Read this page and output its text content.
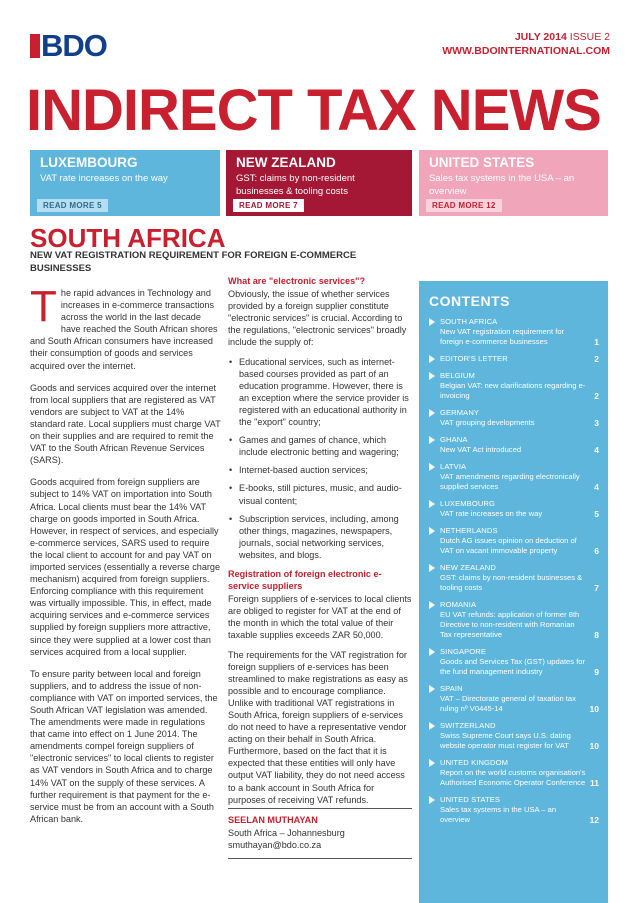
BDO	JULY 2014 ISSUE 2
WWW.BDOINTERNATIONAL.COM
INDIRECT TAX NEWS
LUXEMBOURG
VAT rate increases on the way
READ MORE 5
NEW ZEALAND
GST: claims by non-resident businesses & tooling costs
READ MORE 7
UNITED STATES
Sales tax systems in the USA – an overview
READ MORE 12
SOUTH AFRICA
NEW VAT REGISTRATION REQUIREMENT FOR FOREIGN E-COMMERCE BUSINESSES

The rapid advances in Technology and increases in e-commerce transactions across the world in the last decade have reached the South African shores and South African consumers have increased their consumption of goods and services acquired over the internet.

Goods and services acquired over the internet from local suppliers that are registered as VAT vendors are subject to VAT at the 14% standard rate. Local suppliers must charge VAT on their supplies and are required to remit the VAT to the South African Revenue Services (SARS).

Goods acquired from foreign suppliers are subject to 14% VAT on importation into South Africa. Local clients must bear the 14% VAT charge on goods imported in South Africa. However, in respect of services, and especially e-commerce services, SARS used to require the local client to account for and pay VAT on imported services (essentially a reverse charge mechanism) acquired from foreign suppliers. Enforcing compliance with this requirement was virtually impossible. This, in effect, made acquiring services and e-commerce services supplied by foreign suppliers more attractive, since they were supplied at a lower cost than services acquired from a local supplier.

To ensure parity between local and foreign suppliers, and to address the issue of non-compliance with VAT on imported services, the South African VAT legislation was amended. The amendments were made in regulations that came into effect on 1 June 2014. The amendments compel foreign suppliers of "electronic services" to local clients to register as VAT vendors in South Africa and to charge 14% VAT on the supply of these services. A further requirement is that payment for the e-service must be from an account with a South African bank.

What are "electronic services"?

Obviously, the issue of whether services provided by a foreign supplier constitute "electronic services" is crucial. According to the regulations, "electronic services" broadly include the supply of:

• Educational services, such as internet-based courses provided as part of an education programme. However, there is an exception where the service provider is registered with an educational authority in the "export" country;
• Games and games of chance, which include electronic betting and wagering;
• Internet-based auction services;
• E-books, still pictures, music, and audio-visual content;
• Subscription services, including, among other things, magazines, newspapers, journals, social networking services, websites, and blogs.
Registration of foreign electronic e-service suppliers

Foreign suppliers of e-services to local clients are obliged to register for VAT at the end of the month in which the total value of their taxable supplies exceeds ZAR 50,000.

The requirements for the VAT registration for foreign suppliers of e-services has been streamlined to make registrations as easy as possible and to encourage compliance. Unlike with traditional VAT registrations in South Africa, foreign suppliers of e-services do not need to have a representative vendor acting on their behalf in South Africa. Furthermore, based on the fact that it is expected that these entities will only have output VAT liability, they do not need access to a bank account in South Africa for purposes of receiving VAT refunds.

SEELAN MUTHAYAN
South Africa – Johannesburg
smuthayan@bdo.co.za
CONTENTS
SOUTH AFRICA
New VAT registration requirement for foreign e-commerce businesses	1
EDITOR'S LETTER	2
BELGIUM
Belgian VAT: new clarifications regarding e-invoicing	2
GERMANY
VAT grouping developments	3
GHANA
New VAT Act introduced	4
LATVIA
VAT amendments regarding electronically supplied services	4
LUXEMBOURG
VAT rate increases on the way	5
NETHERLANDS
Dutch AG issues opinion on deduction of VAT on vacant immovable property	6
NEW ZEALAND
GST: claims by non-resident businesses & tooling costs	7
ROMANIA
EU VAT refunds: application of former 8th Directive to non-resident with Romanian Tax representative	8
SINGAPORE
Goods and Services Tax (GST) updates for the fund management industry	9
SPAIN
VAT – Directorate general of taxation tax ruling nº V0445-14	10
SWITZERLAND
Swiss Supreme Court says U.S. dating website operator must register for VAT	10
UNITED KINGDOM
Report on the world customs organisation's Authorised Economic Operator Conference 11
UNITED STATES
Sales tax systems in the USA – an overview	12
